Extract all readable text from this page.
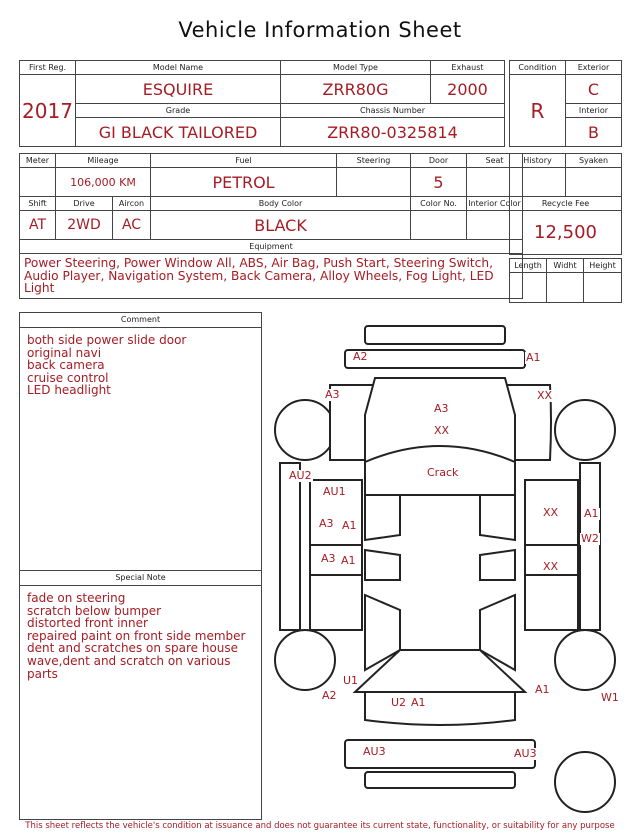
Vehicle Information Sheet
First Reg.	Model Name	Model Type	Exhaust
2017	ESQUIRE	ZRR80G	2000
	Grade	Chassis Number	
	GI BLACK TAILORED	ZRR80-0325814	
Condition	Exterior
R	C
	Interior
	B
Meter	Mileage		Fuel	Steering	Door	Seat
	106,000 KM		PETROL		5	
Shift	Drive	Aircon	Body Color		Color No.	Interior Color
AT	2WD	AC	BLACK			
Equipment						
Power Steering, Power Window All, ABS, Air Bag, Push Start, Steering Switch, Audio Player, Navigation System, Back Camera, Alloy Wheels, Fog Light, LED Light						
History	Syaken

Recycle Fee	
12,500	
Length	Widht	Height

Comment
both side power slide door
original navi
back camera
cruise control
LED headlight
Special Note
fade on steering
scratch below bumper
distorted front inner
repaired paint on front side member
dent and scratches on spare house
wave,dent and scratch on various parts
A2	A1
A3	XX
A3
XX
Crack
AU2
AU1
A3 A1
A3 A1
XX
XX
A1
W2
U1
A2	A1
U2 A1	W1
AU3	AU3
This sheet reflects the vehicle's condition at issuance and does not guarantee its current state, functionality, or suitability for any purpose
